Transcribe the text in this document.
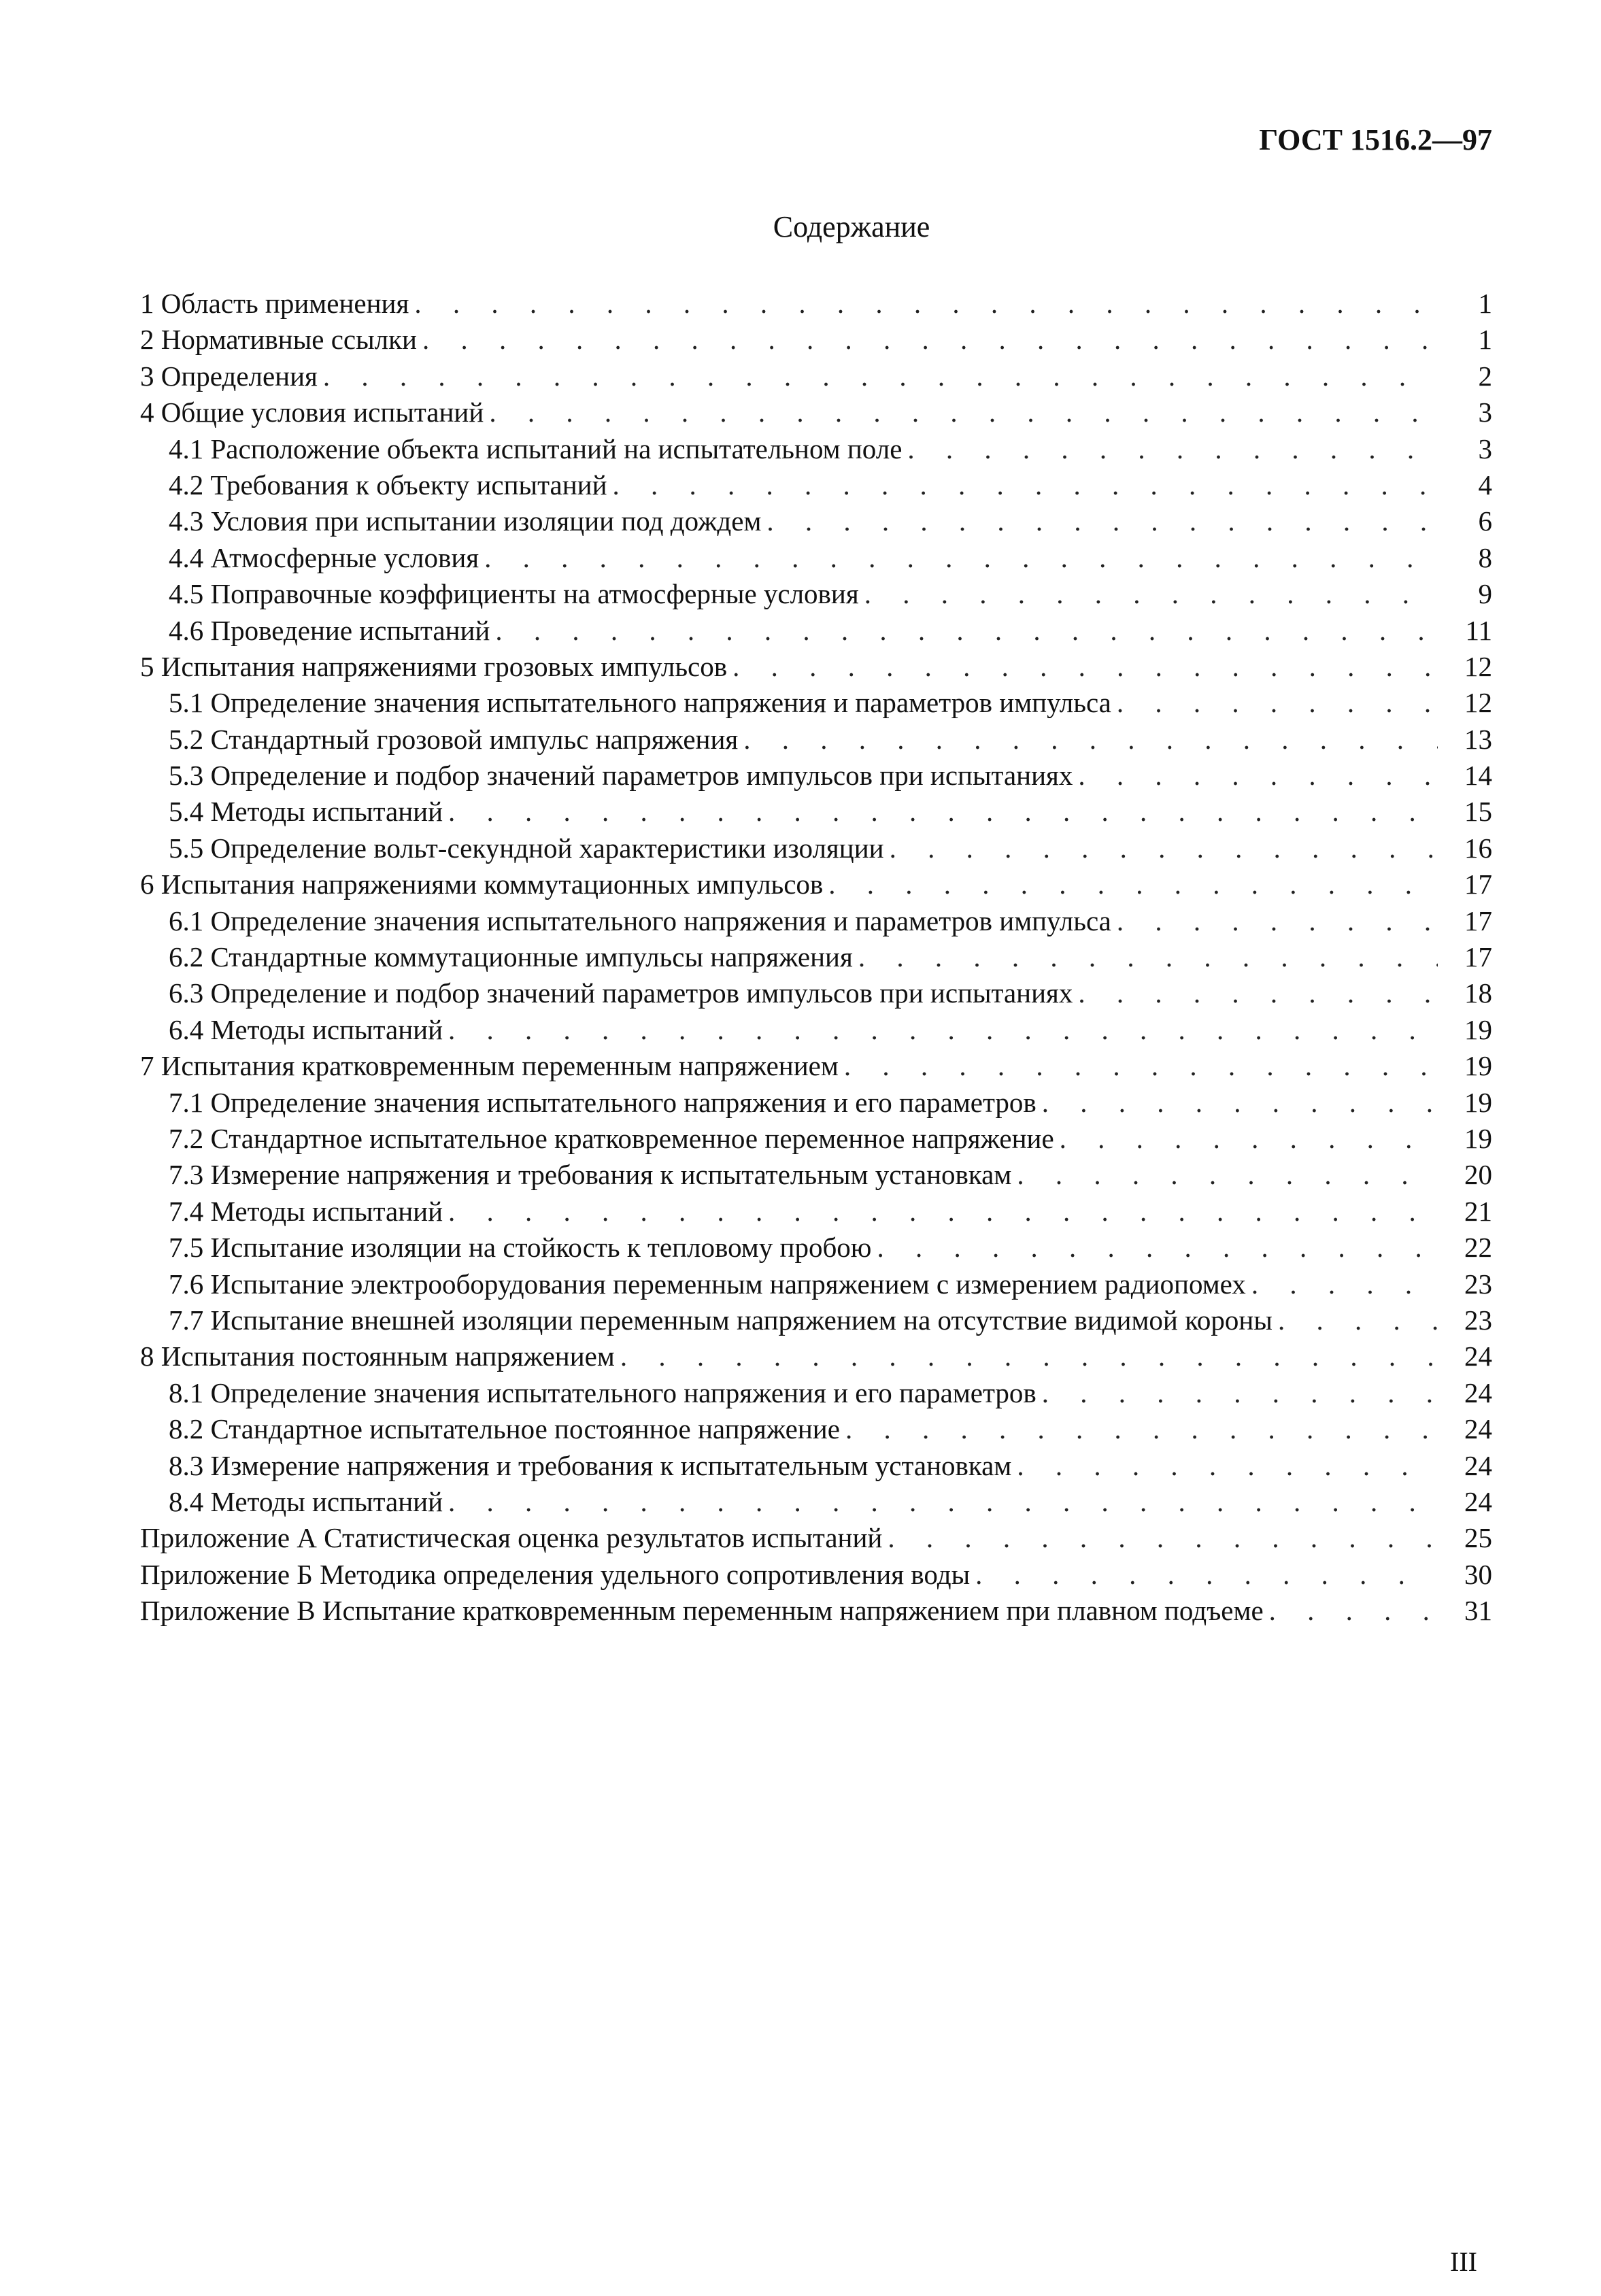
ГОСТ 1516.2—97
Содержание
1 Область применения . . .	1
2 Нормативные ссылки . . .	1
3 Определения . . .	2
4 Общие условия испытаний . . .	3
4.1 Расположение объекта испытаний на испытательном поле . . .	3
4.2 Требования к объекту испытаний . . .	4
4.3 Условия при испытании изоляции под дождем . . .	6
4.4 Атмосферные условия . . .	8
4.5 Поправочные коэффициенты на атмосферные условия . . .	9
4.6 Проведение испытаний . . .	11
5 Испытания напряжениями грозовых импульсов . . .	12
5.1 Определение значения испытательного напряжения и параметров импульса . . .	12
5.2 Стандартный грозовой импульс напряжения . . .	13
5.3 Определение и подбор значений параметров импульсов при испытаниях . . .	14
5.4 Методы испытаний . . .	15
5.5 Определение вольт-секундной характеристики изоляции . . .	16
6 Испытания напряжениями коммутационных импульсов . . .	17
6.1 Определение значения испытательного напряжения и параметров импульса . . .	17
6.2 Стандартные коммутационные импульсы напряжения . . .	17
6.3 Определение и подбор значений параметров импульсов при испытаниях . . .	18
6.4 Методы испытаний . . .	19
7 Испытания кратковременным переменным напряжением . . .	19
7.1 Определение значения испытательного напряжения и его параметров . . .	19
7.2 Стандартное испытательное кратковременное переменное напряжение . . .	19
7.3 Измерение напряжения и требования к испытательным установкам . . .	20
7.4 Методы испытаний . . .	21
7.5 Испытание изоляции на стойкость к тепловому пробою . . .	22
7.6 Испытание электрооборудования переменным напряжением с измерением радиопомех . . .	23
7.7 Испытание внешней изоляции переменным напряжением на отсутствие видимой короны . . .	23
8 Испытания постоянным напряжением . . .	24
8.1 Определение значения испытательного напряжения и его параметров . . .	24
8.2 Стандартное испытательное постоянное напряжение . . .	24
8.3 Измерение напряжения и требования к испытательным установкам . . .	24
8.4 Методы испытаний . . .	24
Приложение А Статистическая оценка результатов испытаний . . .	25
Приложение Б Методика определения удельного сопротивления воды . . .	30
Приложение В Испытание кратковременным переменным напряжением при плавном подъеме . . .	31
III
